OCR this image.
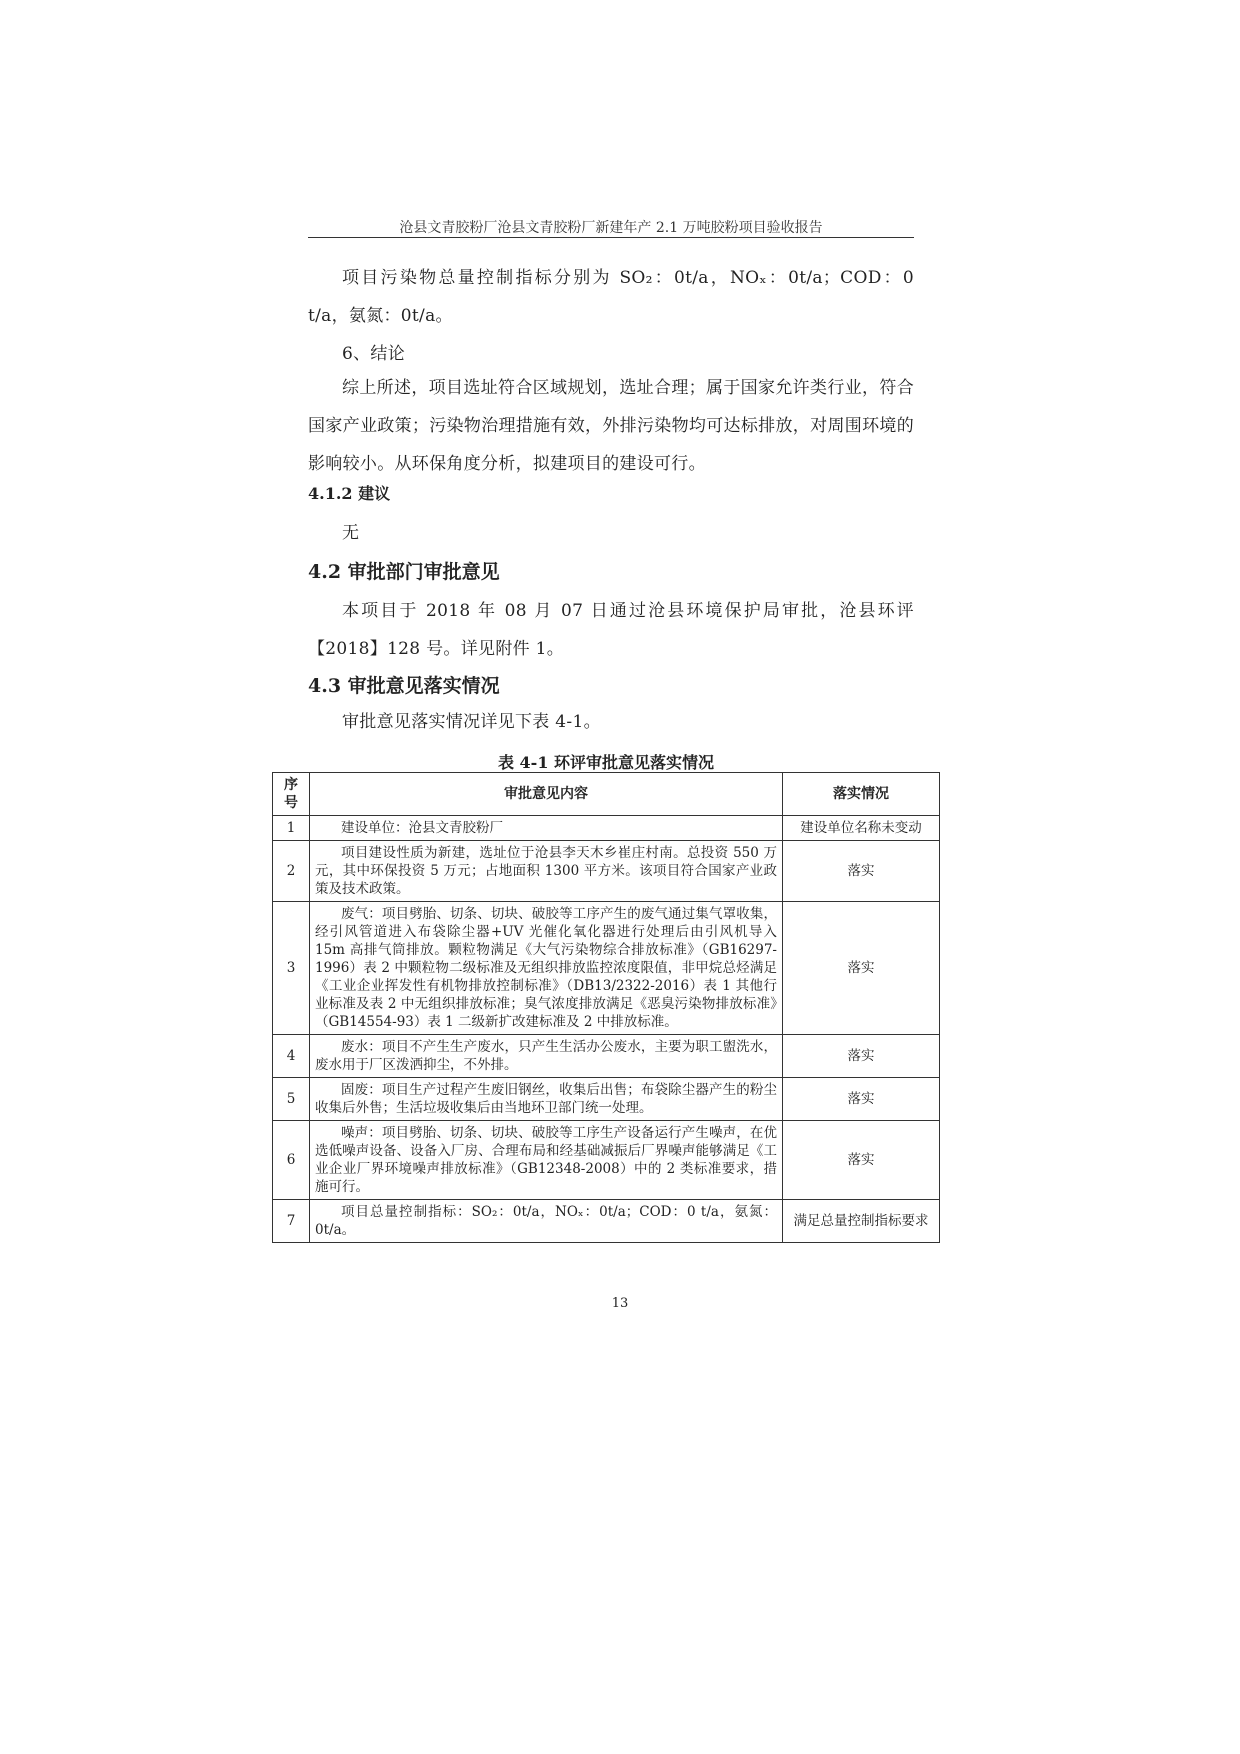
沧县文青胶粉厂沧县文青胶粉厂新建年产 2.1 万吨胶粉项目验收报告

项目污染物总量控制指标分别为 SO₂：0t/a，NOₓ：0t/a；COD：0 t/a，氨氮：0t/a。

6、结论

综上所述，项目选址符合区域规划，选址合理；属于国家允许类行业，符合国家产业政策；污染物治理措施有效，外排污染物均可达标排放，对周围环境的影响较小。从环保角度分析，拟建项目的建设可行。

4.1.2 建议

无

4.2 审批部门审批意见

本项目于 2018 年 08 月 07 日通过沧县环境保护局审批，沧县环评【2018】128 号。详见附件 1。

4.3 审批意见落实情况

审批意见落实情况详见下表 4-1。

表 4-1 环评审批意见落实情况
序号	审批意见内容	落实情况
1	建设单位：沧县文青胶粉厂	建设单位名称未变动
2	项目建设性质为新建，选址位于沧县李天木乡崔庄村南。总投资 550 万元，其中环保投资 5 万元；占地面积 1300 平方米。该项目符合国家产业政策及技术政策。	落实
3	废气：项目劈胎、切条、切块、破胶等工序产生的废气通过集气罩收集，经引风管道进入布袋除尘器+UV 光催化氧化器进行处理后由引风机导入 15m 高排气筒排放。颗粒物满足《大气污染物综合排放标准》（GB16297-1996）表 2 中颗粒物二级标准及无组织排放监控浓度限值，非甲烷总烃满足《工业企业挥发性有机物排放控制标准》（DB13/2322-2016）表 1 其他行业标准及表 2 中无组织排放标准；臭气浓度排放满足《恶臭污染物排放标准》（GB14554-93）表 1 二级新扩改建标准及 2 中排放标准。	落实
4	废水：项目不产生生产废水，只产生生活办公废水，主要为职工盥洗水，废水用于厂区泼洒抑尘，不外排。	落实
5	固废：项目生产过程产生废旧钢丝，收集后出售；布袋除尘器产生的粉尘收集后外售；生活垃圾收集后由当地环卫部门统一处理。	落实
6	噪声：项目劈胎、切条、切块、破胶等工序生产设备运行产生噪声，在优选低噪声设备、设备入厂房、合理布局和经基础减振后厂界噪声能够满足《工业企业厂界环境噪声排放标准》（GB12348-2008）中的 2 类标准要求，措施可行。	落实
7	项目总量控制指标：SO₂：0t/a，NOₓ：0t/a；COD：0 t/a，氨氮：0t/a。	满足总量控制指标要求
13
